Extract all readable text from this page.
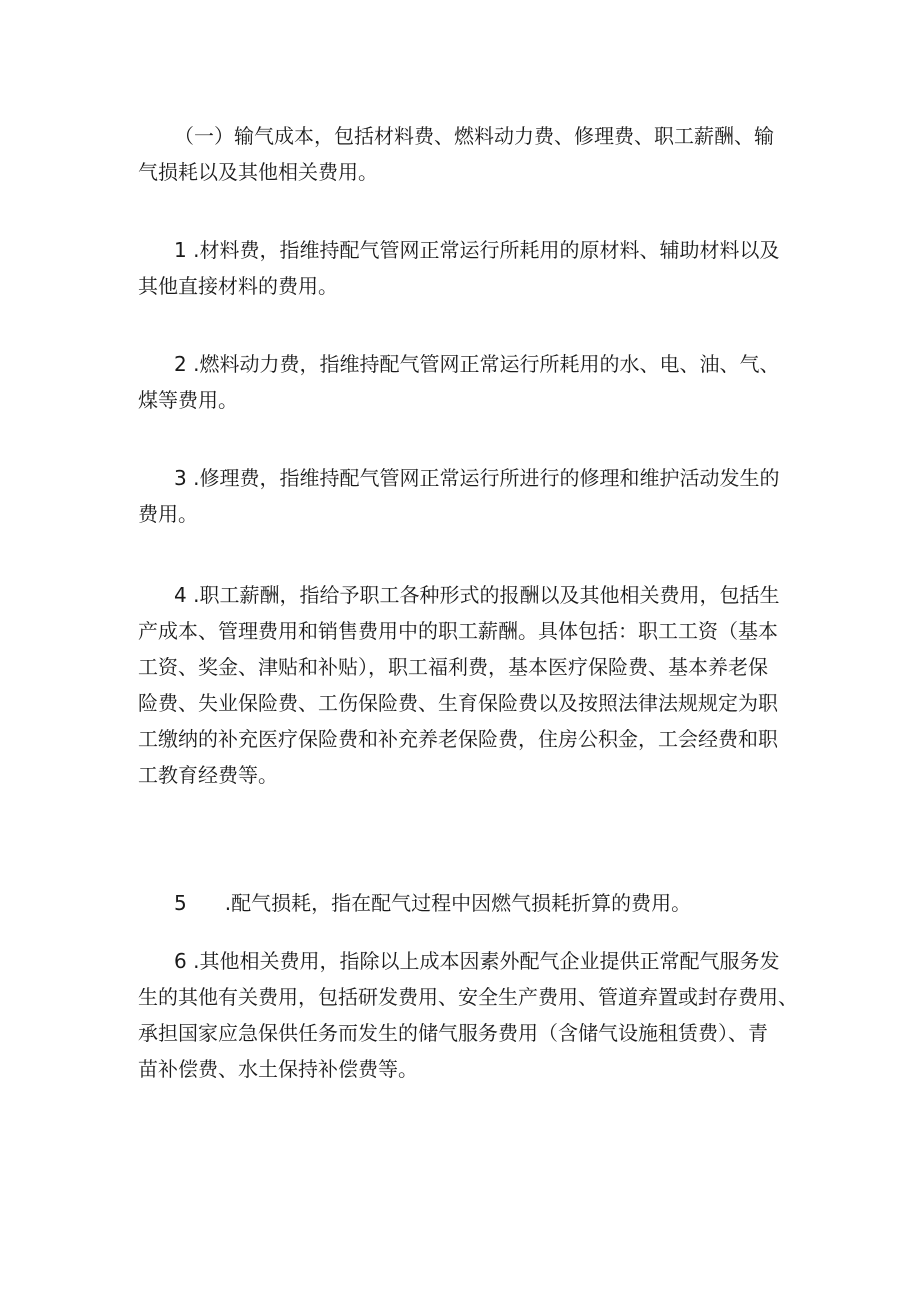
（一）输气成本，包括材料费、燃料动力费、修理费、职工薪酬、输
气损耗以及其他相关费用。
1 .材料费，指维持配气管网正常运行所耗用的原材料、辅助材料以及
其他直接材料的费用。
2 .燃料动力费，指维持配气管网正常运行所耗用的水、电、油、气、
煤等费用。
3 .修理费，指维持配气管网正常运行所进行的修理和维护活动发生的
费用。
4 .职工薪酬，指给予职工各种形式的报酬以及其他相关费用，包括生
产成本、管理费用和销售费用中的职工薪酬。具体包括：职工工资（基本
工资、奖金、津贴和补贴），职工福利费，基本医疗保险费、基本养老保
险费、失业保险费、工伤保险费、生育保险费以及按照法律法规规定为职
工缴纳的补充医疗保险费和补充养老保险费，住房公积金，工会经费和职
工教育经费等。
5 .配气损耗，指在配气过程中因燃气损耗折算的费用。
6 .其他相关费用，指除以上成本因素外配气企业提供正常配气服务发
生的其他有关费用，包括研发费用、安全生产费用、管道弃置或封存费用、
承担国家应急保供任务而发生的储气服务费用（含储气设施租赁费）、青
苗补偿费、水土保持补偿费等。
